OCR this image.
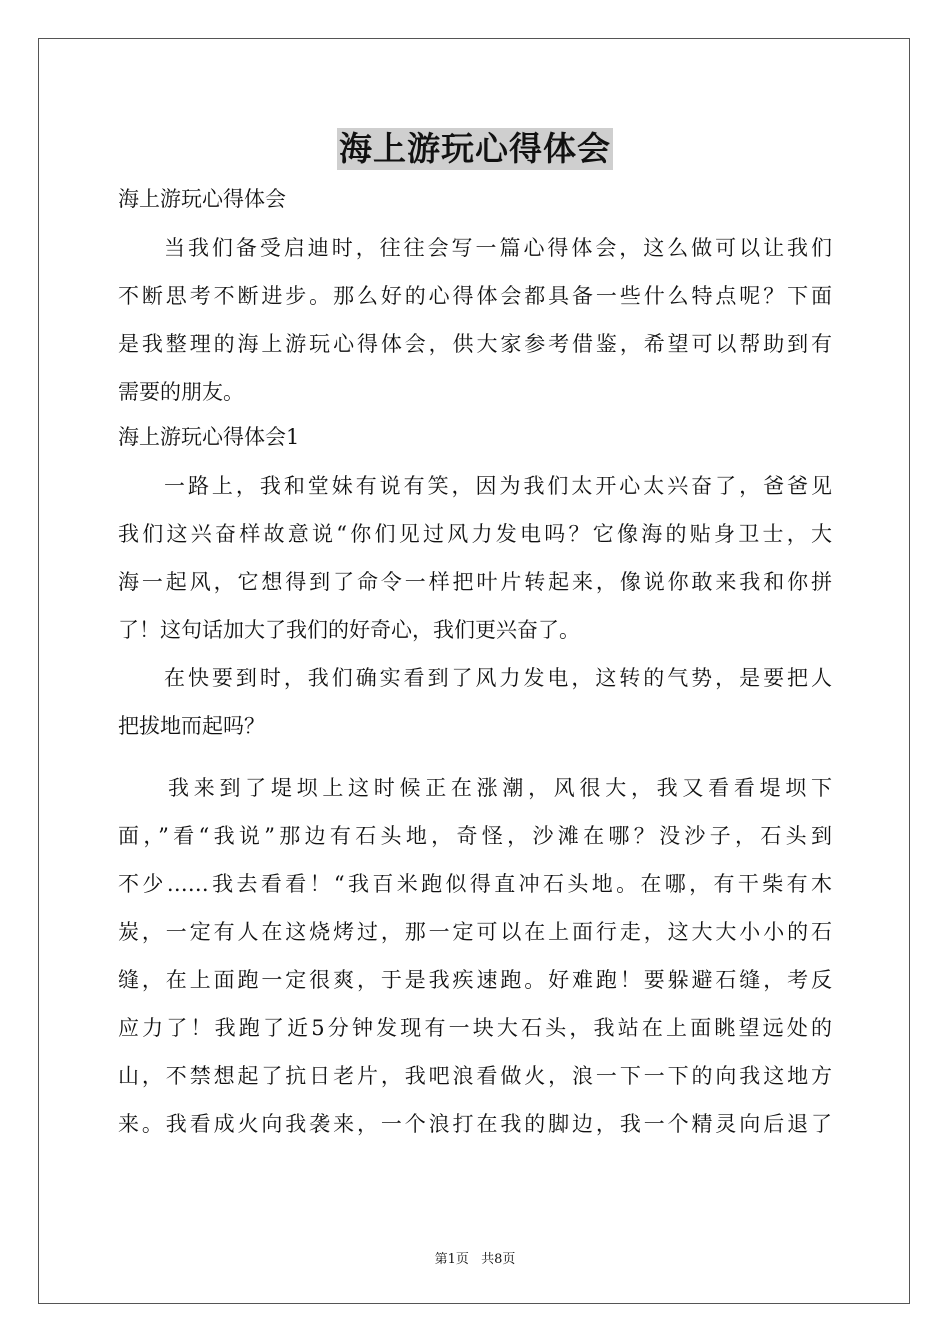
海上游玩心得体会

海上游玩心得体会

当我们备受启迪时，往往会写一篇心得体会，这么做可以让我们
不断思考不断进步。那么好的心得体会都具备一些什么特点呢？下面
是我整理的海上游玩心得体会，供大家参考借鉴，希望可以帮助到有
需要的朋友。

海上游玩心得体会1

一路上，我和堂妹有说有笑，因为我们太开心太兴奋了，爸爸见
我们这兴奋样故意说“你们见过风力发电吗？它像海的贴身卫士，大
海一起风，它想得到了命令一样把叶片转起来，像说你敢来我和你拼
了！这句话加大了我们的好奇心，我们更兴奋了。
在快要到时，我们确实看到了风力发电，这转的气势，是要把人
把拔地而起吗？
我来到了堤坝上这时候正在涨潮，风很大，我又看看堤坝下
面，”看“我说”那边有石头地，奇怪，沙滩在哪？没沙子，石头到
不少……我去看看！“我百米跑似得直冲石头地。在哪，有干柴有木
炭，一定有人在这烧烤过，那一定可以在上面行走，这大大小小的石
缝，在上面跑一定很爽，于是我疾速跑。好难跑！要躲避石缝，考反
应力了！我跑了近5分钟发现有一块大石头，我站在上面眺望远处的
山，不禁想起了抗日老片，我吧浪看做火，浪一下一下的向我这地方
来。我看成火向我袭来，一个浪打在我的脚边，我一个精灵向后退了
第1页 共8页
